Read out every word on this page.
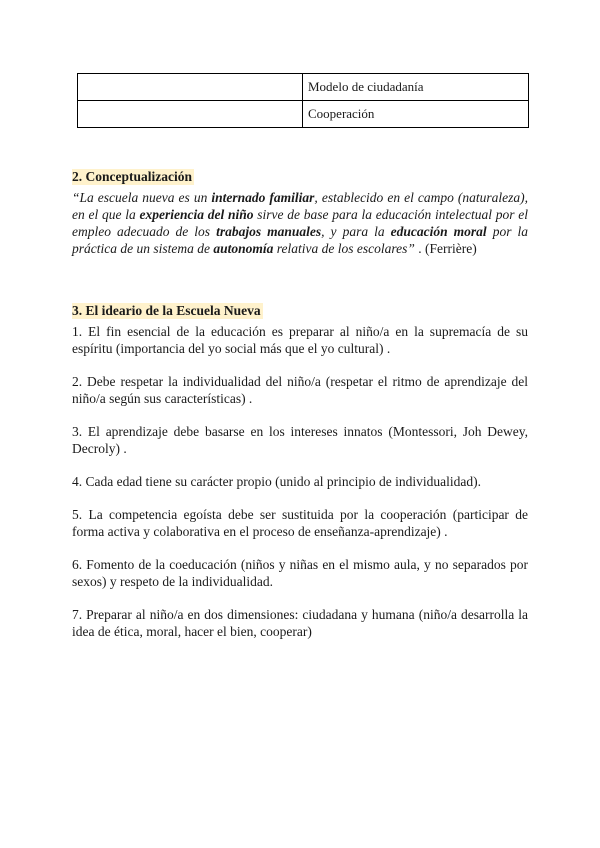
	Modelo de ciudadanía
	Cooperación
2. Conceptualización
“La escuela nueva es un internado familiar, establecido en el campo (naturaleza), en el que la experiencia del niño sirve de base para la educación intelectual por el empleo adecuado de los trabajos manuales, y para la educación moral por la práctica de un sistema de autonomía relativa de los escolares” . (Ferrière)
3. El ideario de la Escuela Nueva

1. El fin esencial de la educación es preparar al niño/a en la supremacía de su espíritu (importancia del yo social más que el yo cultural) .

2. Debe respetar la individualidad del niño/a (respetar el ritmo de aprendizaje del niño/a según sus características) .

3. El aprendizaje debe basarse en los intereses innatos (Montessori, Joh Dewey, Decroly) .

4. Cada edad tiene su carácter propio (unido al principio de individualidad).

5. La competencia egoísta debe ser sustituida por la cooperación (participar de forma activa y colaborativa en el proceso de enseñanza-aprendizaje) .

6. Fomento de la coeducación (niños y niñas en el mismo aula, y no separados por sexos) y respeto de la individualidad.

7. Preparar al niño/a en dos dimensiones: ciudadana y humana (niño/a desarrolla la idea de ética, moral, hacer el bien, cooperar)
